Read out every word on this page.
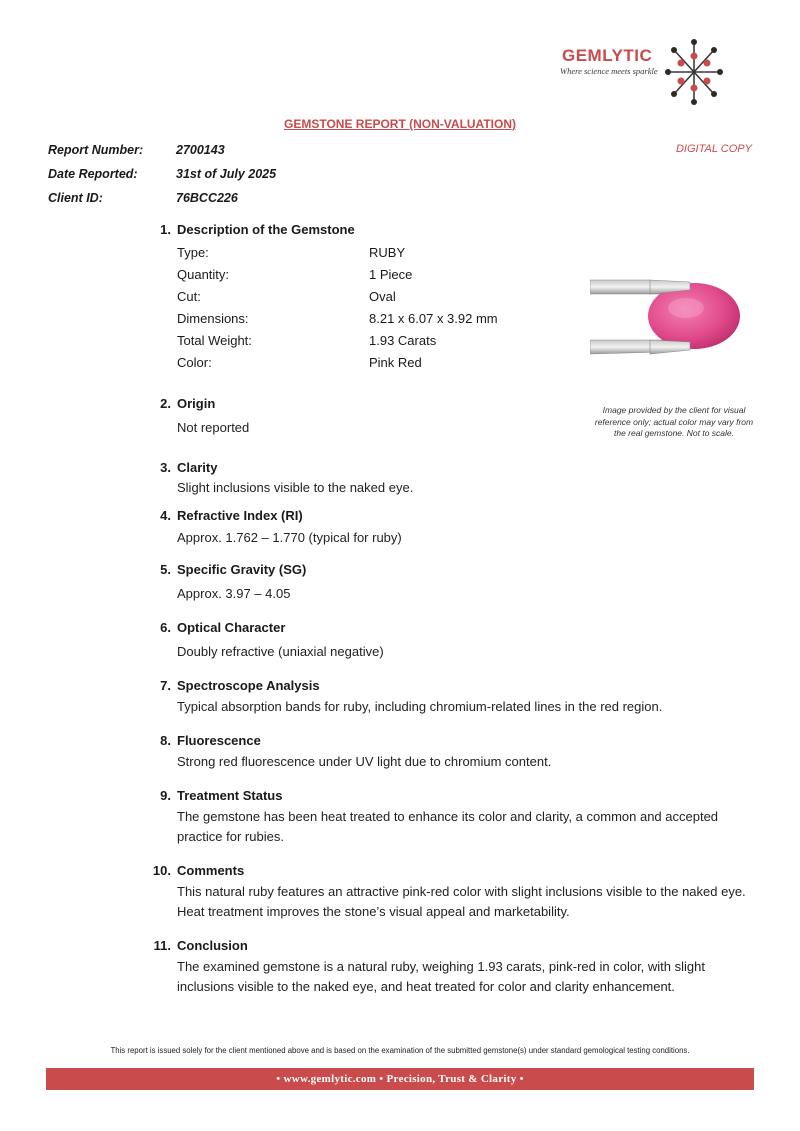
GEMLYTIC
Where science meets sparkle
GEMSTONE REPORT (NON-VALUATION)
DIGITAL COPY
Report Number:	2700143
Date Reported:	31st of July 2025
Client ID:	76BCC226
1. Description of the Gemstone
Type:	RUBY
Quantity:	1 Piece
Cut:	Oval
Dimensions:	8.21 x 6.07 x 3.92 mm
Total Weight:	1.93 Carats
Color:	Pink Red
2. Origin
Not reported
3. Clarity
Slight inclusions visible to the naked eye.
4. Refractive Index (RI)
Approx. 1.762 – 1.770 (typical for ruby)
5. Specific Gravity (SG)
Approx. 3.97 – 4.05
6. Optical Character
Doubly refractive (uniaxial negative)
7. Spectroscope Analysis
Typical absorption bands for ruby, including chromium-related lines in the red region.
8. Fluorescence
Strong red fluorescence under UV light due to chromium content.
9. Treatment Status
The gemstone has been heat treated to enhance its color and clarity, a common and accepted practice for rubies.
10. Comments
This natural ruby features an attractive pink-red color with slight inclusions visible to the naked eye. Heat treatment improves the stone’s visual appeal and marketability.
11. Conclusion
The examined gemstone is a natural ruby, weighing 1.93 carats, pink-red in color, with slight inclusions visible to the naked eye, and heat treated for color and clarity enhancement.
Image provided by the client for visual reference only; actual color may vary from the real gemstone. Not to scale.
This report is issued solely for the client mentioned above and is based on the examination of the submitted gemstone(s) under standard gemological testing conditions.
• www.gemlytic.com • Precision, Trust & Clarity •
